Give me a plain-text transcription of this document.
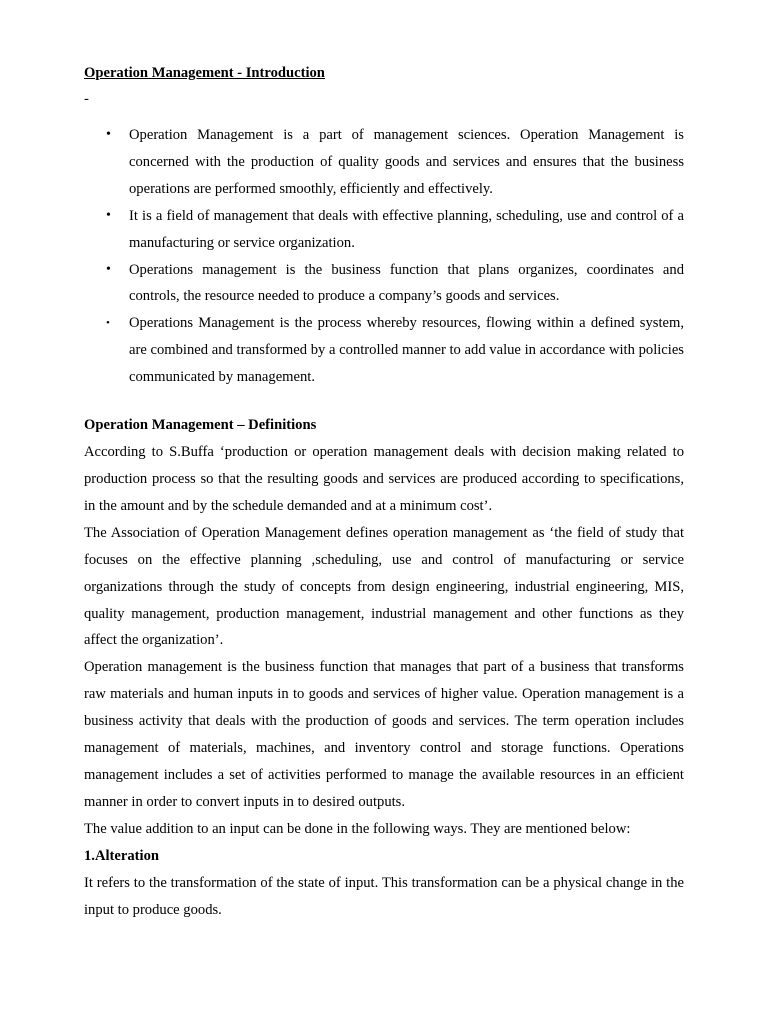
Operation Management - Introduction

-

• Operation Management is a part of management sciences. Operation Management is concerned with the production of quality goods and services and ensures that the business operations are performed smoothly, efficiently and effectively.
• It is a field of management that deals with effective planning, scheduling, use and control of a manufacturing or service organization.
• Operations management is the business function that plans organizes, coordinates and controls, the resource needed to produce a company’s goods and services.
• Operations Management is the process whereby resources, flowing within a defined system, are combined and transformed by a controlled manner to add value in accordance with policies communicated by management.

Operation Management – Definitions

According to S.Buffa ‘production or operation management deals with decision making related to production process so that the resulting goods and services are produced according to specifications, in the amount and by the schedule demanded and at a minimum cost’.

The Association of Operation Management defines operation management as ‘the field of study that focuses on the effective planning ,scheduling, use and control of manufacturing or service organizations through the study of concepts from design engineering, industrial engineering, MIS, quality management, production management, industrial management and other functions as they affect the organization’.

Operation management is the business function that manages that part of a business that transforms raw materials and human inputs in to goods and services of higher value. Operation management is a business activity that deals with the production of goods and services. The term operation includes management of materials, machines, and inventory control and storage functions. Operations management includes a set of activities performed to manage the available resources in an efficient manner in order to convert inputs in to desired outputs.

The value addition to an input can be done in the following ways. They are mentioned below:

1.Alteration

It refers to the transformation of the state of input. This transformation can be a physical change in the input to produce goods.
